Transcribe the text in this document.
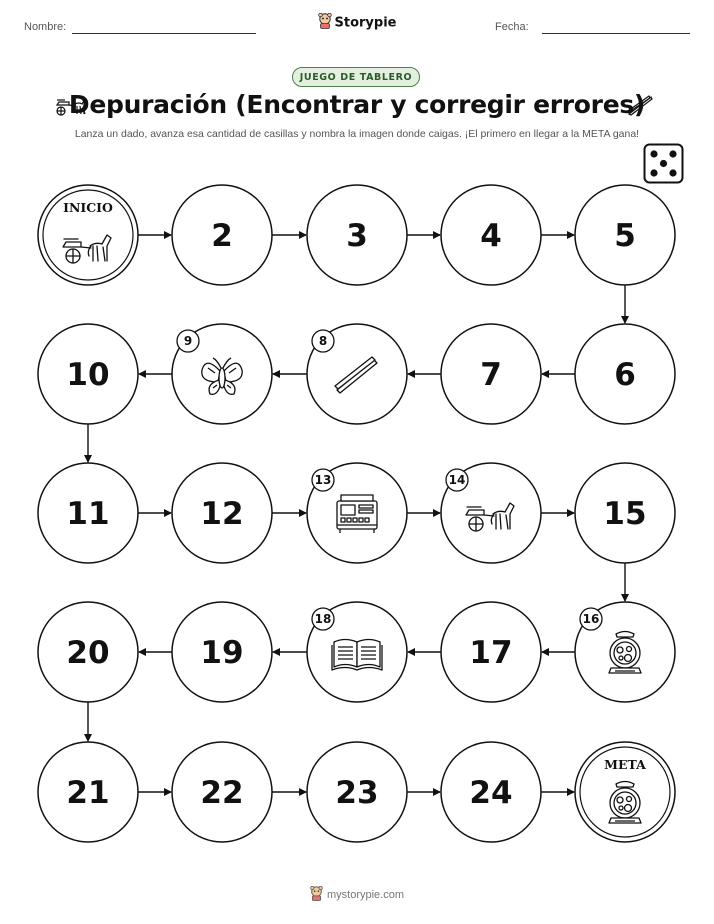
Nombre:	Storypie	Fecha:
JUEGO DE TABLERO
Depuración (Encontrar y corregir errores)
Lanza un dado, avanza esa cantidad de casillas y nombra la imagen donde caigas. ¡El primero en llegar a la META gana!
INICIO
2	3	4	5
6
7
8
9
10
11	12
13	14
15
16
17
18
19
20
21	22	23	24
META
mystorypie.com
